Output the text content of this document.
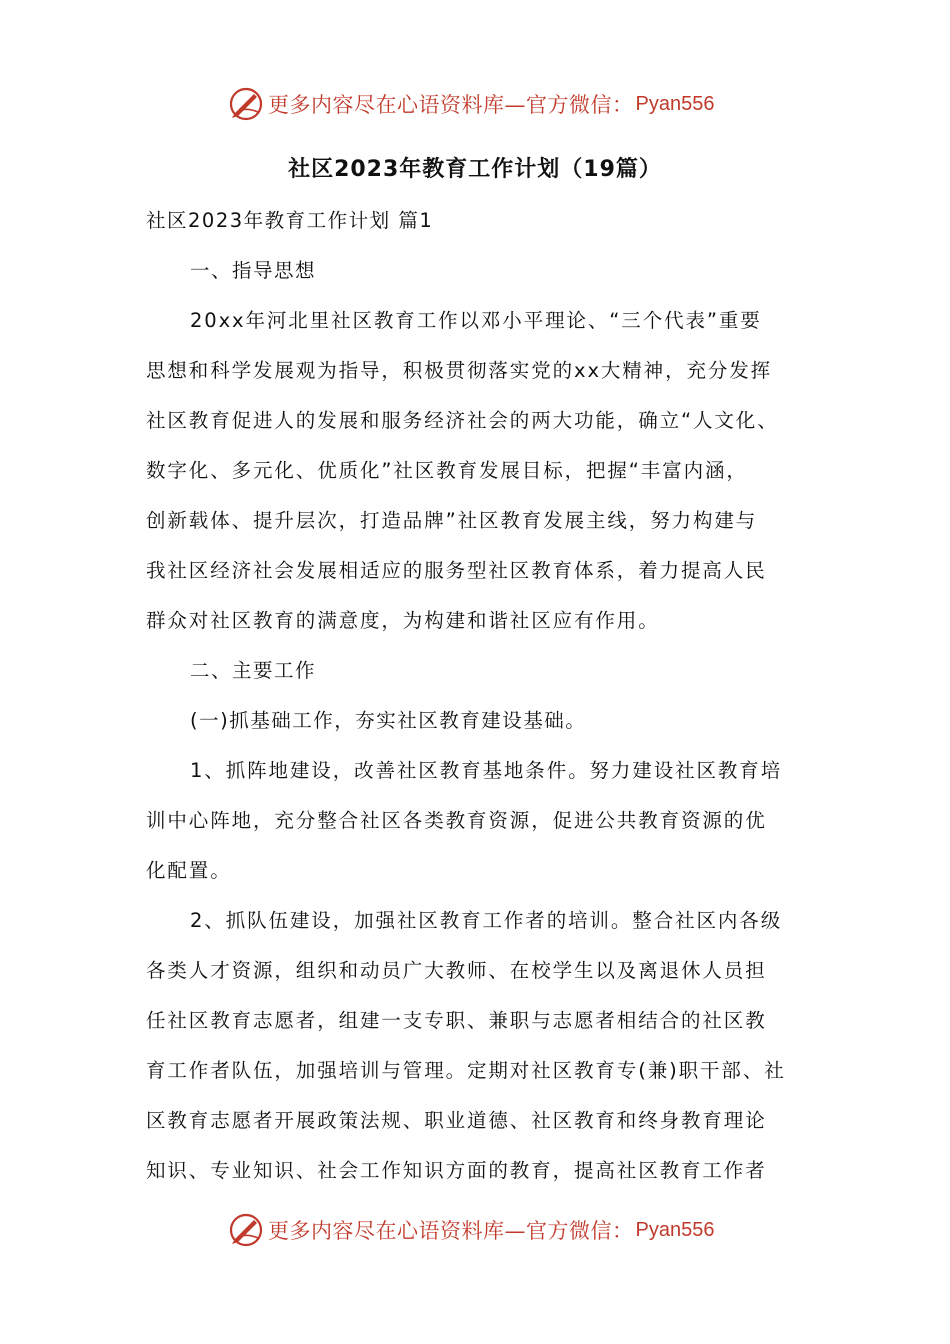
更多内容尽在心语资料库—官方微信： Pyan556
社区2023年教育工作计划（19篇）
社区2023年教育工作计划 篇1
一、指导思想
20xx年河北里社区教育工作以邓小平理论、“三个代表”重要
思想和科学发展观为指导，积极贯彻落实党的xx大精神，充分发挥
社区教育促进人的发展和服务经济社会的两大功能，确立“人文化、
数字化、多元化、优质化”社区教育发展目标，把握“丰富内涵，
创新载体、提升层次，打造品牌”社区教育发展主线，努力构建与
我社区经济社会发展相适应的服务型社区教育体系，着力提高人民
群众对社区教育的满意度，为构建和谐社区应有作用。
二、主要工作
(一)抓基础工作，夯实社区教育建设基础。
1、抓阵地建设，改善社区教育基地条件。努力建设社区教育培
训中心阵地，充分整合社区各类教育资源，促进公共教育资源的优
化配置。
2、抓队伍建设，加强社区教育工作者的培训。整合社区内各级
各类人才资源，组织和动员广大教师、在校学生以及离退休人员担
任社区教育志愿者，组建一支专职、兼职与志愿者相结合的社区教
育工作者队伍，加强培训与管理。定期对社区教育专(兼)职干部、社
区教育志愿者开展政策法规、职业道德、社区教育和终身教育理论
知识、专业知识、社会工作知识方面的教育，提高社区教育工作者
更多内容尽在心语资料库—官方微信： Pyan556
